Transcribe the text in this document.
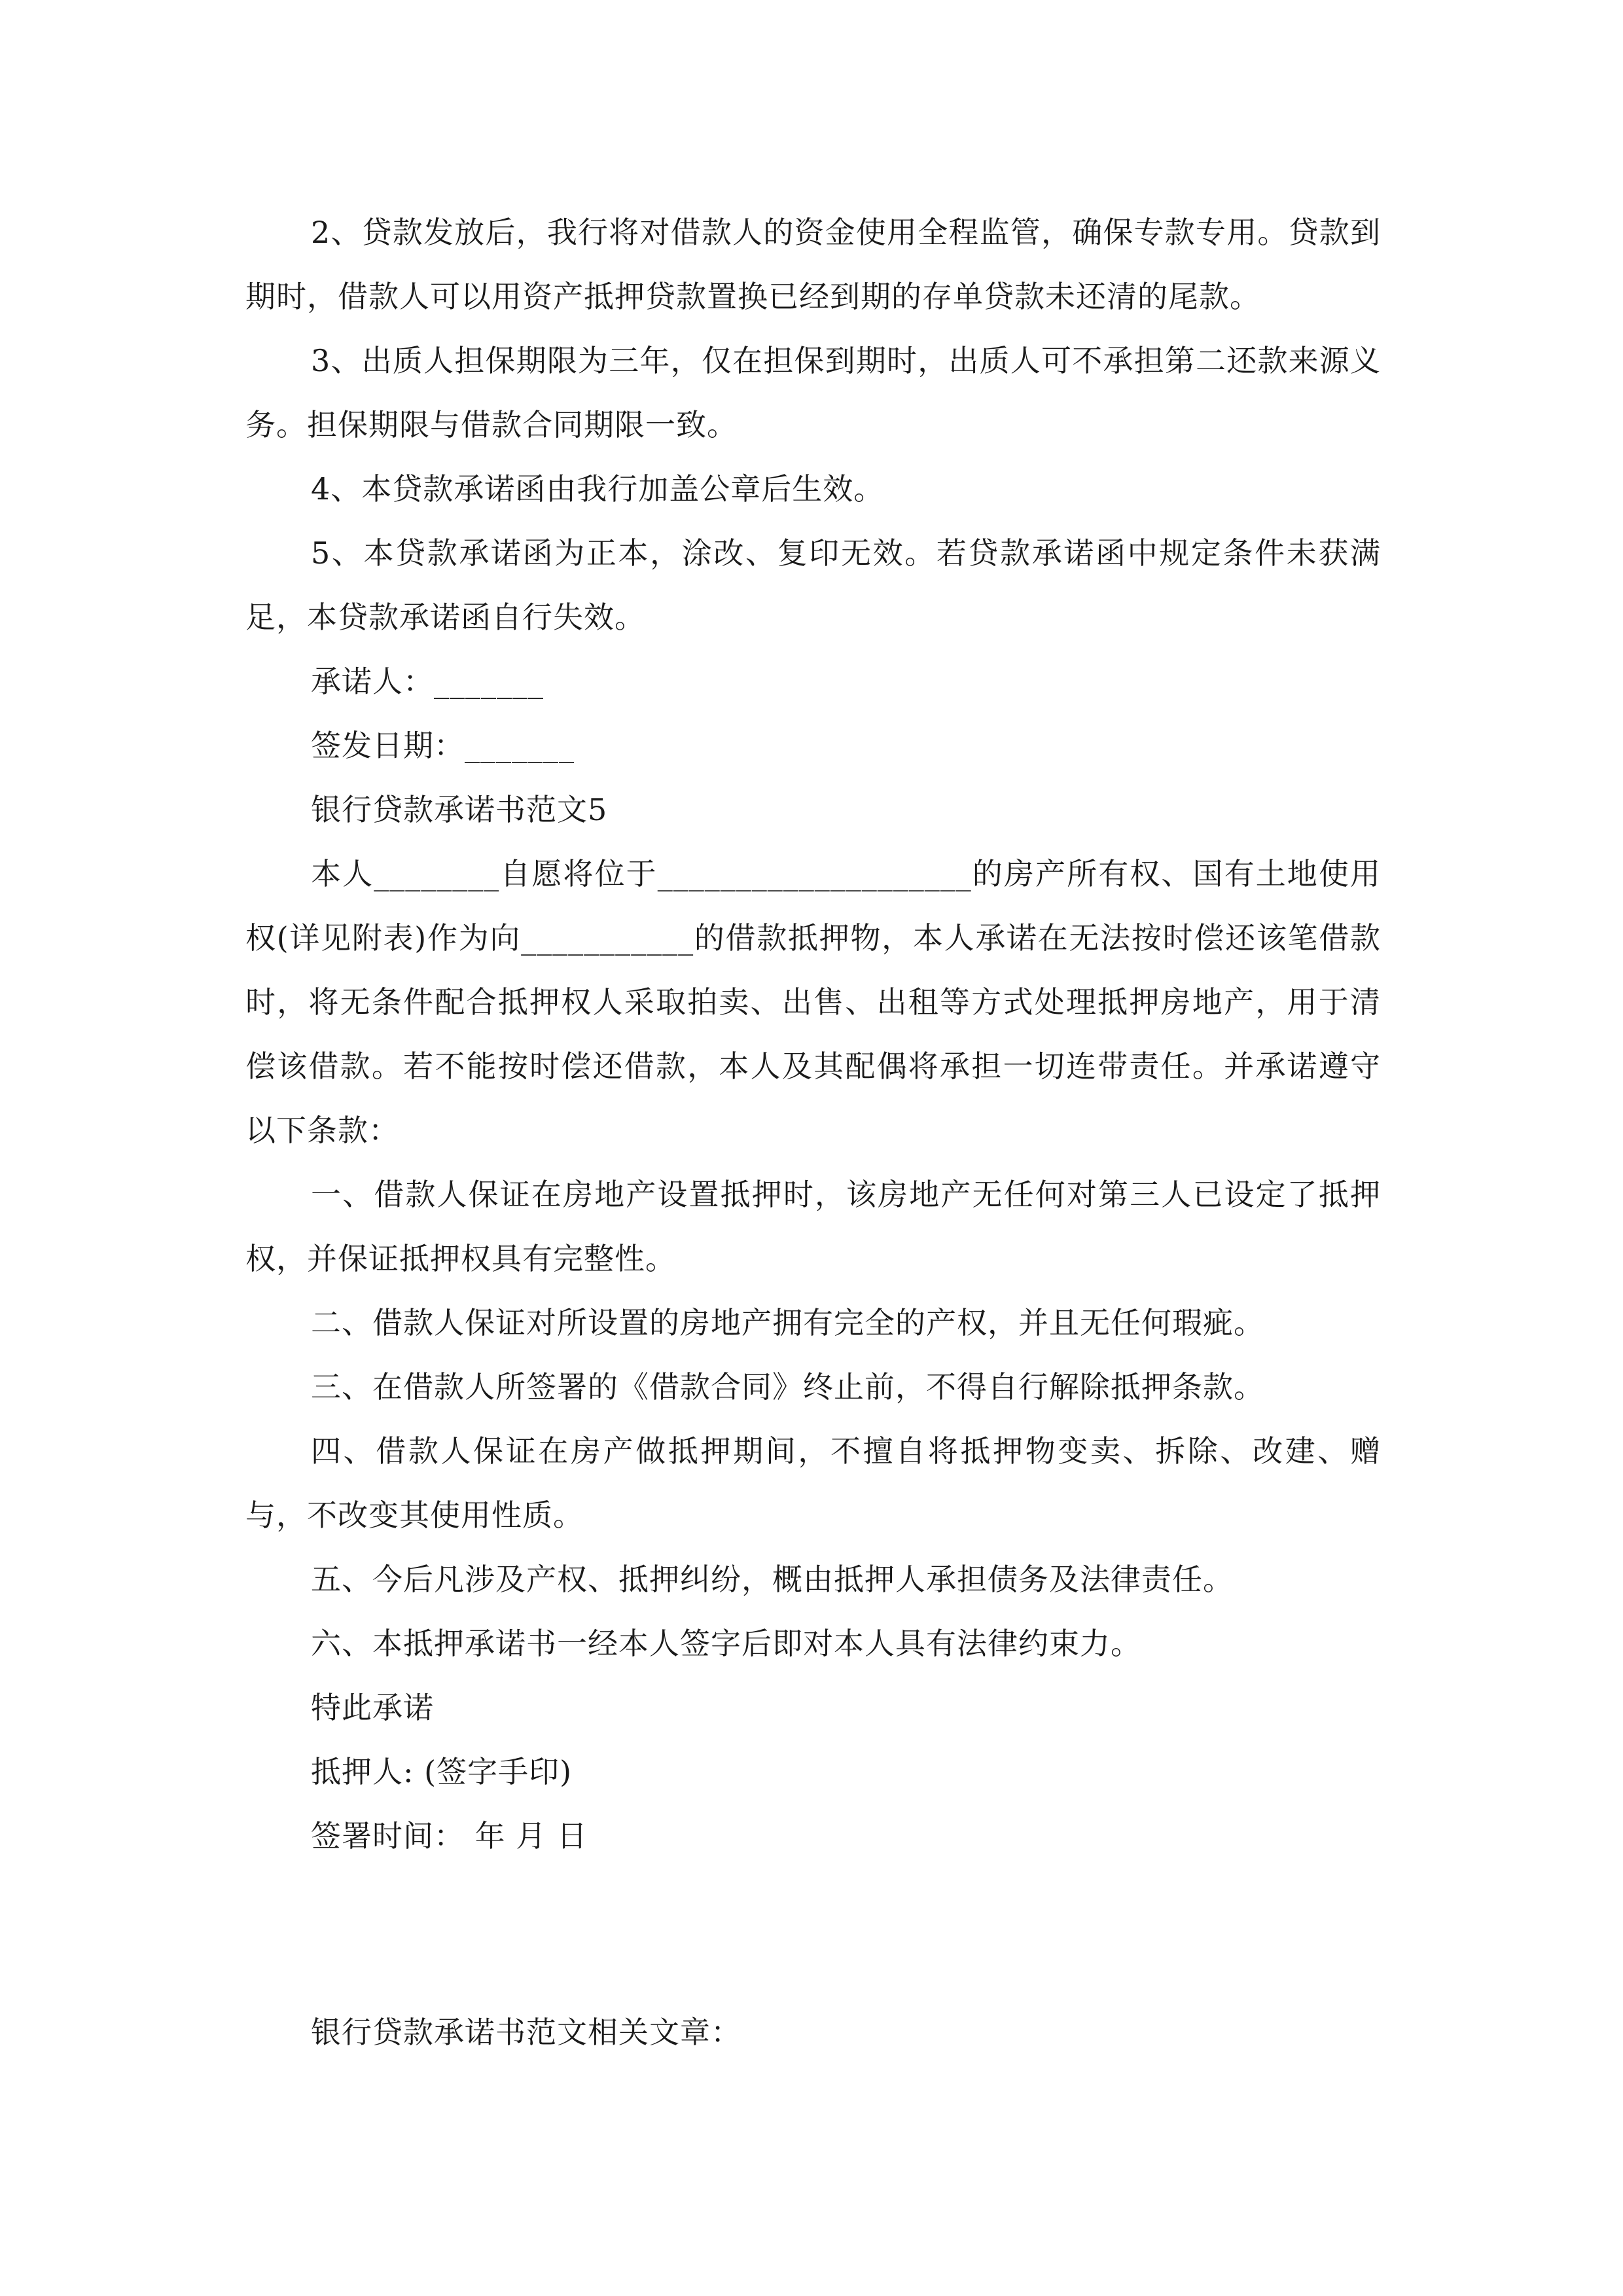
2、贷款发放后，我行将对借款人的资金使用全程监管，确保专款专用。贷款到期时，借款人可以用资产抵押贷款置换已经到期的存单贷款未还清的尾款。

3、出质人担保期限为三年，仅在担保到期时，出质人可不承担第二还款来源义务。担保期限与借款合同期限一致。

4、本贷款承诺函由我行加盖公章后生效。

5、本贷款承诺函为正本，涂改、复印无效。若贷款承诺函中规定条件未获满足，本贷款承诺函自行失效。

承诺人：_______

签发日期：_______

银行贷款承诺书范文5

本人________自愿将位于____________________的房产所有权、国有土地使用权(详见附表)作为向___________的借款抵押物，本人承诺在无法按时偿还该笔借款时，将无条件配合抵押权人采取拍卖、出售、出租等方式处理抵押房地产，用于清偿该借款。若不能按时偿还借款，本人及其配偶将承担一切连带责任。并承诺遵守以下条款：

一、借款人保证在房地产设置抵押时，该房地产无任何对第三人已设定了抵押权，并保证抵押权具有完整性。

二、借款人保证对所设置的房地产拥有完全的产权，并且无任何瑕疵。

三、在借款人所签署的《借款合同》终止前，不得自行解除抵押条款。

四、借款人保证在房产做抵押期间，不擅自将抵押物变卖、拆除、改建、赠与，不改变其使用性质。

五、今后凡涉及产权、抵押纠纷，概由抵押人承担债务及法律责任。

六、本抵押承诺书一经本人签字后即对本人具有法律约束力。

特此承诺

抵押人: (签字手印)

签署时间： 年 月 日

银行贷款承诺书范文相关文章：
